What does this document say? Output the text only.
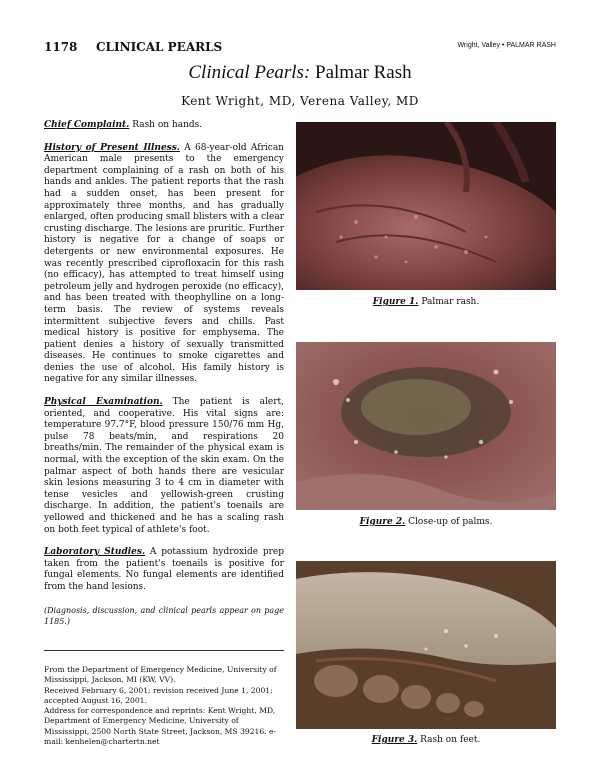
1178 CLINICAL PEARLS	Wright, Valley • PALMAR RASH
Clinical Pearls: Palmar Rash
Kent Wright, MD, Verena Valley, MD

Chief Complaint. Rash on hands.

History of Present Illness. A 68-year-old African American male presents to the emergency department complaining of a rash on both of his hands and ankles. The patient reports that the rash had a sudden onset, has been present for approximately three months, and has gradually enlarged, often producing small blisters with a clear crusting discharge. The lesions are pruritic. Further history is negative for a change of soaps or detergents or new environmental exposures. He was recently prescribed ciprofloxacin for this rash (no efficacy), has attempted to treat himself using petroleum jelly and hydrogen peroxide (no efficacy), and has been treated with theophylline on a long-term basis. The review of systems reveals intermittent subjective fevers and chills. Past medical history is positive for emphysema. The patient denies a history of sexually transmitted diseases. He continues to smoke cigarettes and denies the use of alcohol. His family history is negative for any similar illnesses.

Physical Examination. The patient is alert, oriented, and cooperative. His vital signs are: temperature 97.7°F, blood pressure 150/76 mm Hg, pulse 78 beats/min, and respirations 20 breaths/min. The remainder of the physical exam is normal, with the exception of the skin exam. On the palmar aspect of both hands there are vesicular skin lesions measuring 3 to 4 cm in diameter with tense vesicles and yellowish-green crusting discharge. In addition, the patient's toenails are yellowed and thickened and he has a scaling rash on both feet typical of athlete's foot.

Laboratory Studies. A potassium hydroxide prep taken from the patient's toenails is positive for fungal elements. No fungal elements are identified from the hand lesions.

(Diagnosis, discussion, and clinical pearls appear on page 1185.)

From the Department of Emergency Medicine, University of Mississippi, Jackson, MI (KW, VV).

Received February 6, 2001; revision received June 1, 2001; accepted August 16, 2001.

Address for correspondence and reprints: Kent Wright, MD, Department of Emergency Medicine, University of Mississippi, 2500 North State Street, Jackson, MS 39216. e-mail: kenhelen@chartertn.net

Figure 1. Palmar rash.
Figure 2. Close-up of palms.
Figure 3. Rash on feet.
